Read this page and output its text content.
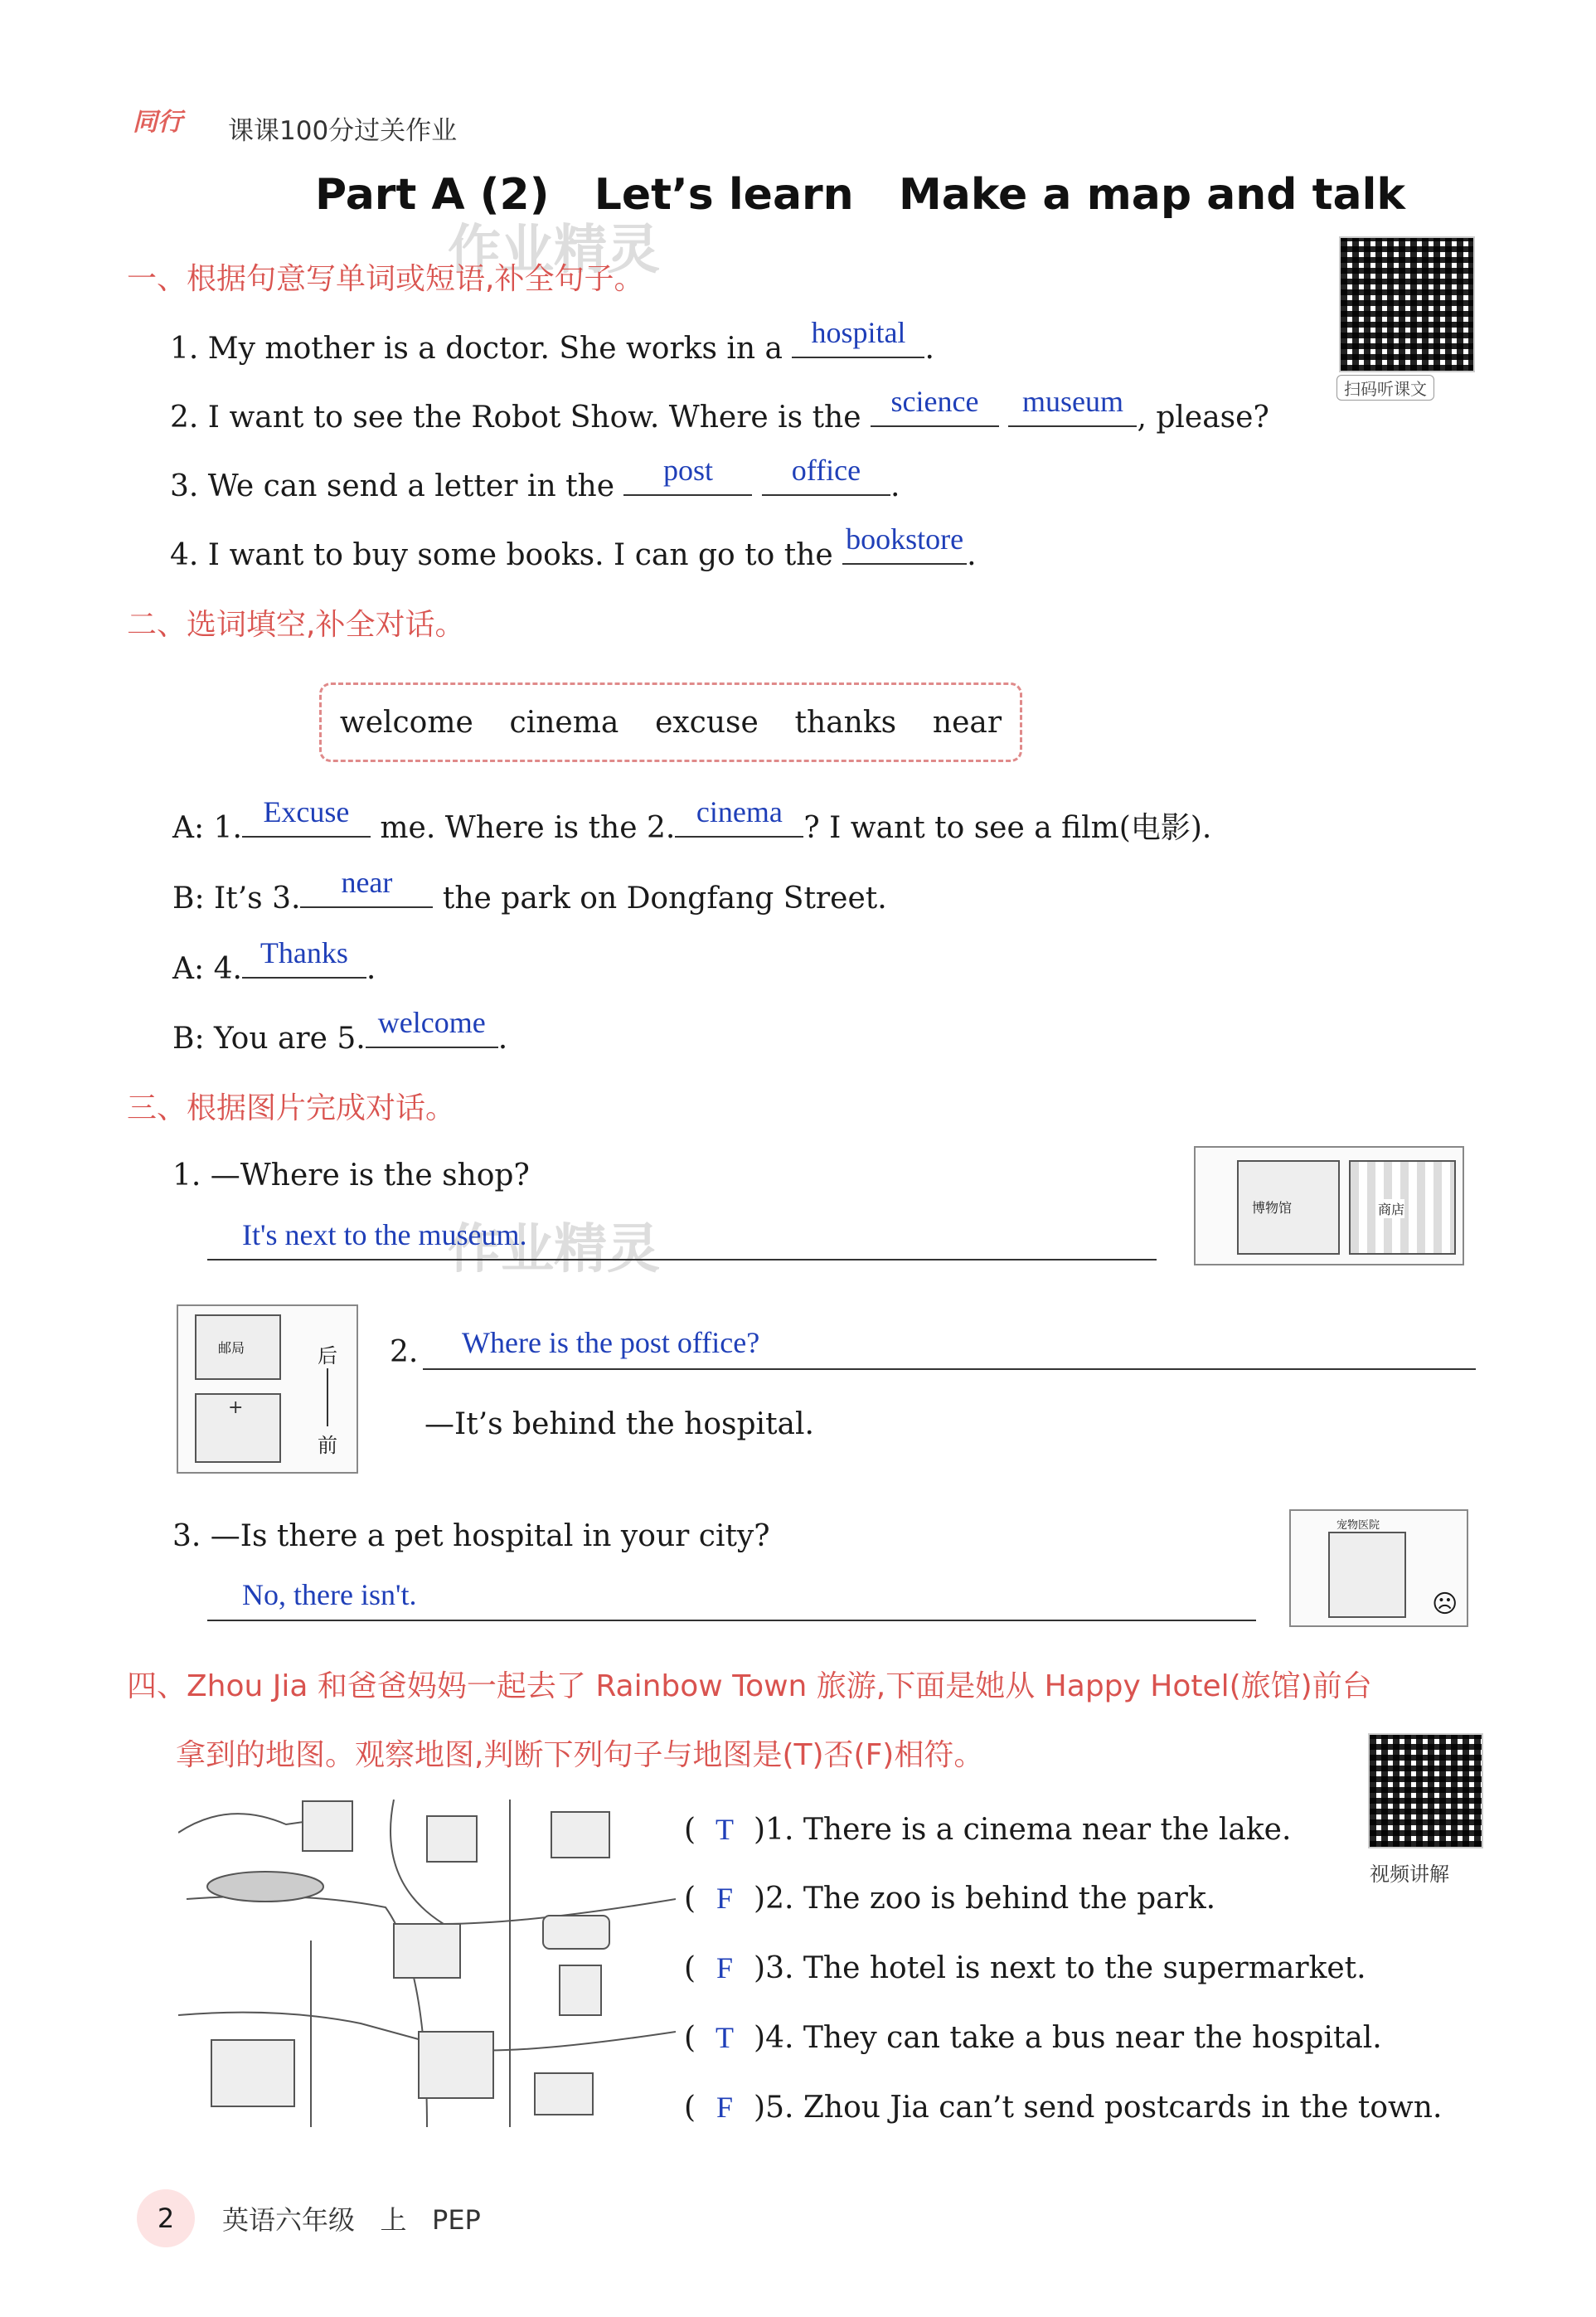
同行 课课100分过关作业
Part A (2)   Let’s learn   Make a map and talk
作业精灵
作业精灵
扫码听课文
一、根据句意写单词或短语,补全句子。
1. My mother is a doctor. She works in a hospital .
2. I want to see the Robot Show. Where is the science
	museum , please?
3. We can send a letter in the	post
	office .
4. I want to buy some books. I can go to the bookstore .
二、选词填空,补全对话。
welcome cinema excuse thanks near
A: 1. Excuse	me. Where is the 2. cinema ? I want to see a film(电影).
B: It’s 3.	near	the park on Dongfang Street.
A: 4. Thanks .
B: You are 5. welcome .
三、根据图片完成对话。
1. —Where is the shop?
It's next to the museum.
博物馆	商店
邮局
+
后
前
2. Where is the post office?
—It’s behind the hospital.
3. —Is there a pet hospital in your city?
No, there isn't.
宠物医院
☹
四、Zhou Jia 和爸爸妈妈一起去了 Rainbow Town 旅游,下面是她从 Happy Hotel(旅馆)前台
拿到的地图。观察地图,判断下列句子与地图是(T)否(F)相符。
视频讲解
( T )1. There is a cinema near the lake.
( F )2. The zoo is behind the park.
( F )3. The hotel is next to the supermarket.
( T )4. They can take a bus near the hospital.
( F )5. Zhou Jia can’t send postcards in the town.
2	英语六年级   上   PEP
